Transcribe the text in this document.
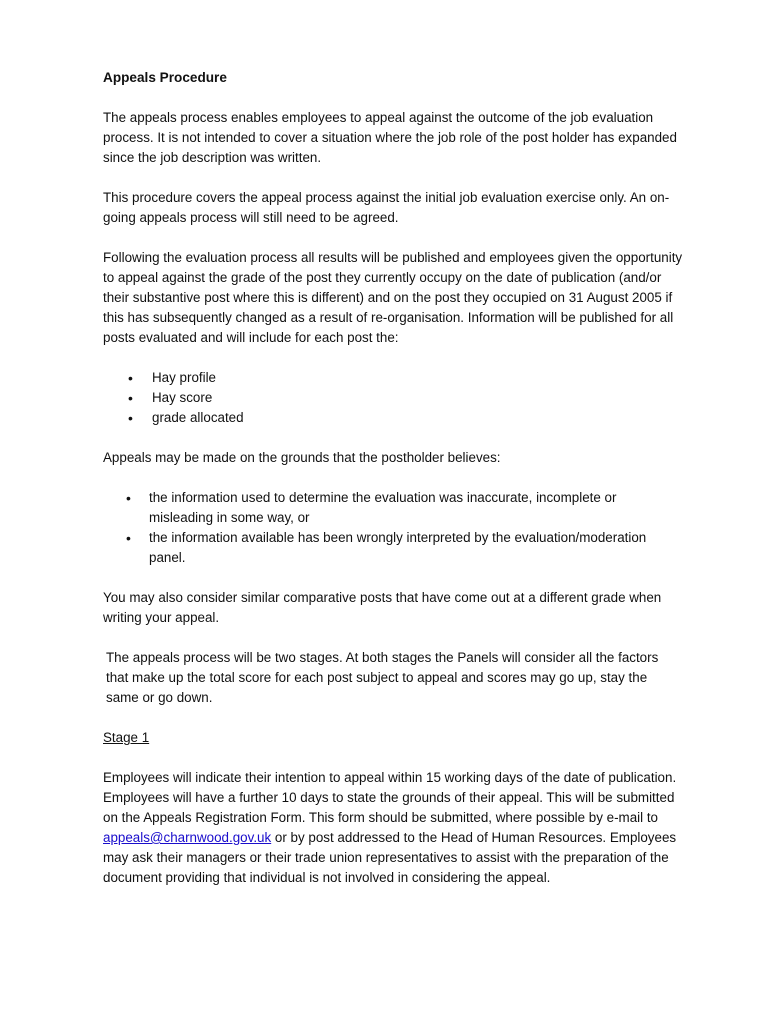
Appeals Procedure

The appeals process enables employees to appeal against the outcome of the job evaluation process. It is not intended to cover a situation where the job role of the post holder has expanded since the job description was written.

This procedure covers the appeal process against the initial job evaluation exercise only. An on-going appeals process will still need to be agreed.

Following the evaluation process all results will be published and employees given the opportunity to appeal against the grade of the post they currently occupy on the date of publication (and/or their substantive post where this is different) and on the post they occupied on 31 August 2005 if this has subsequently changed as a result of re-organisation. Information will be published for all posts evaluated and will include for each post the:

• Hay profile
• Hay score
• grade allocated

Appeals may be made on the grounds that the postholder believes:

• the information used to determine the evaluation was inaccurate, incomplete or misleading in some way, or
• the information available has been wrongly interpreted by the evaluation/moderation panel.

You may also consider similar comparative posts that have come out at a different grade when writing your appeal.

The appeals process will be two stages. At both stages the Panels will consider all the factors that make up the total score for each post subject to appeal and scores may go up, stay the same or go down.

Stage 1

Employees will indicate their intention to appeal within 15 working days of the date of publication. Employees will have a further 10 days to state the grounds of their appeal. This will be submitted on the Appeals Registration Form. This form should be submitted, where possible by e-mail to appeals@charnwood.gov.uk or by post addressed to the Head of Human Resources. Employees may ask their managers or their trade union representatives to assist with the preparation of the document providing that individual is not involved in considering the appeal.
